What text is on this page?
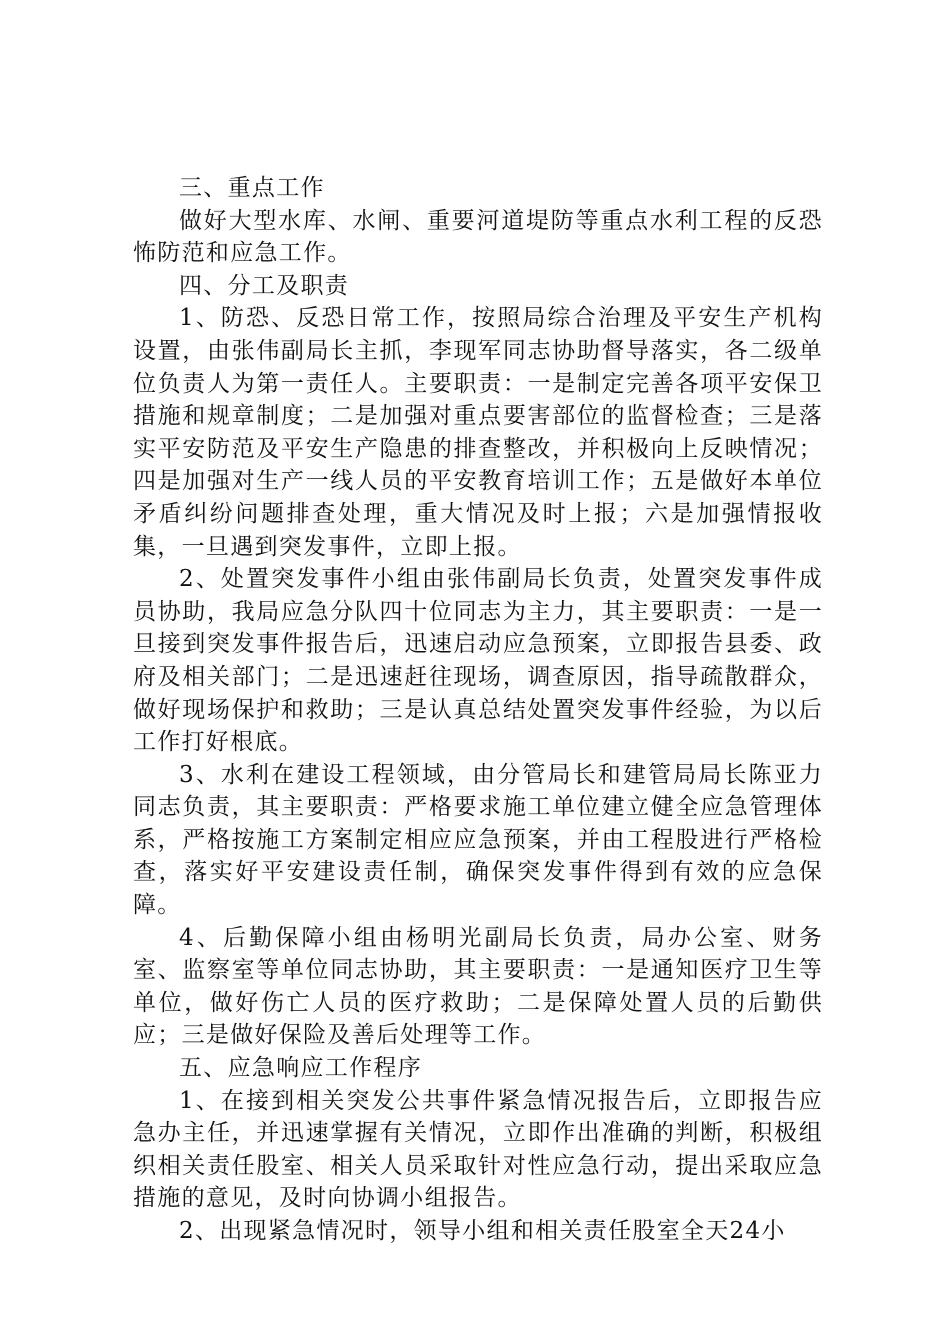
三、重点工作

做好大型水库、水闸、重要河道堤防等重点水利工程的反恐怖防范和应急工作。

四、分工及职责

1、防恐、反恐日常工作，按照局综合治理及平安生产机构设置，由张伟副局长主抓，李现军同志协助督导落实，各二级单位负责人为第一责任人。主要职责：一是制定完善各项平安保卫措施和规章制度；二是加强对重点要害部位的监督检查；三是落实平安防范及平安生产隐患的排查整改，并积极向上反映情况；四是加强对生产一线人员的平安教育培训工作；五是做好本单位矛盾纠纷问题排查处理，重大情况及时上报；六是加强情报收集，一旦遇到突发事件，立即上报。

2、处置突发事件小组由张伟副局长负责，处置突发事件成员协助，我局应急分队四十位同志为主力，其主要职责：一是一旦接到突发事件报告后，迅速启动应急预案，立即报告县委、政府及相关部门；二是迅速赶往现场，调查原因，指导疏散群众，做好现场保护和救助；三是认真总结处置突发事件经验，为以后工作打好根底。

3、水利在建设工程领域，由分管局长和建管局局长陈亚力同志负责，其主要职责：严格要求施工单位建立健全应急管理体系，严格按施工方案制定相应应急预案，并由工程股进行严格检查，落实好平安建设责任制，确保突发事件得到有效的应急保障。

4、后勤保障小组由杨明光副局长负责，局办公室、财务室、监察室等单位同志协助，其主要职责：一是通知医疗卫生等单位，做好伤亡人员的医疗救助；二是保障处置人员的后勤供应；三是做好保险及善后处理等工作。

五、应急响应工作程序

1、在接到相关突发公共事件紧急情况报告后，立即报告应急办主任，并迅速掌握有关情况，立即作出准确的判断，积极组织相关责任股室、相关人员采取针对性应急行动，提出采取应急措施的意见，及时向协调小组报告。

2、出现紧急情况时，领导小组和相关责任股室全天24小
